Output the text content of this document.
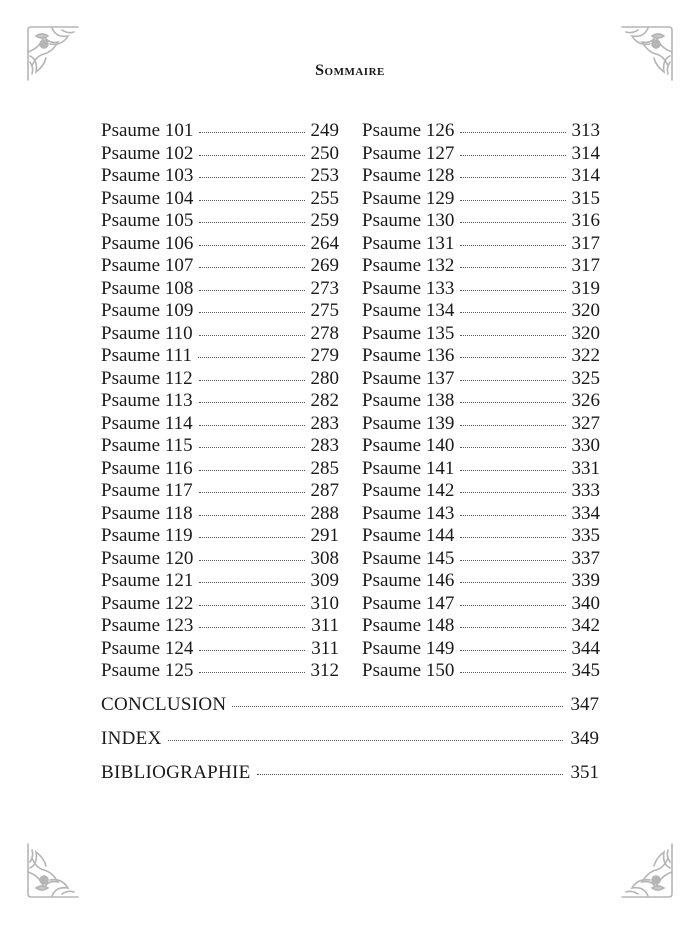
Sommaire
Psaume 101	249
Psaume 102	250
Psaume 103	253
Psaume 104	255
Psaume 105	259
Psaume 106	264
Psaume 107	269
Psaume 108	273
Psaume 109	275
Psaume 110	278
Psaume 111	279
Psaume 112	280
Psaume 113	282
Psaume 114	283
Psaume 115	283
Psaume 116	285
Psaume 117	287
Psaume 118	288
Psaume 119	291
Psaume 120	308
Psaume 121	309
Psaume 122	310
Psaume 123	311
Psaume 124	311
Psaume 125	312
Psaume 126	313
Psaume 127	314
Psaume 128	314
Psaume 129	315
Psaume 130	316
Psaume 131	317
Psaume 132	317
Psaume 133	319
Psaume 134	320
Psaume 135	320
Psaume 136	322
Psaume 137	325
Psaume 138	326
Psaume 139	327
Psaume 140	330
Psaume 141	331
Psaume 142	333
Psaume 143	334
Psaume 144	335
Psaume 145	337
Psaume 146	339
Psaume 147	340
Psaume 148	342
Psaume 149	344
Psaume 150	345
CONCLUSION	347
INDEX	349
BIBLIOGRAPHIE	351
